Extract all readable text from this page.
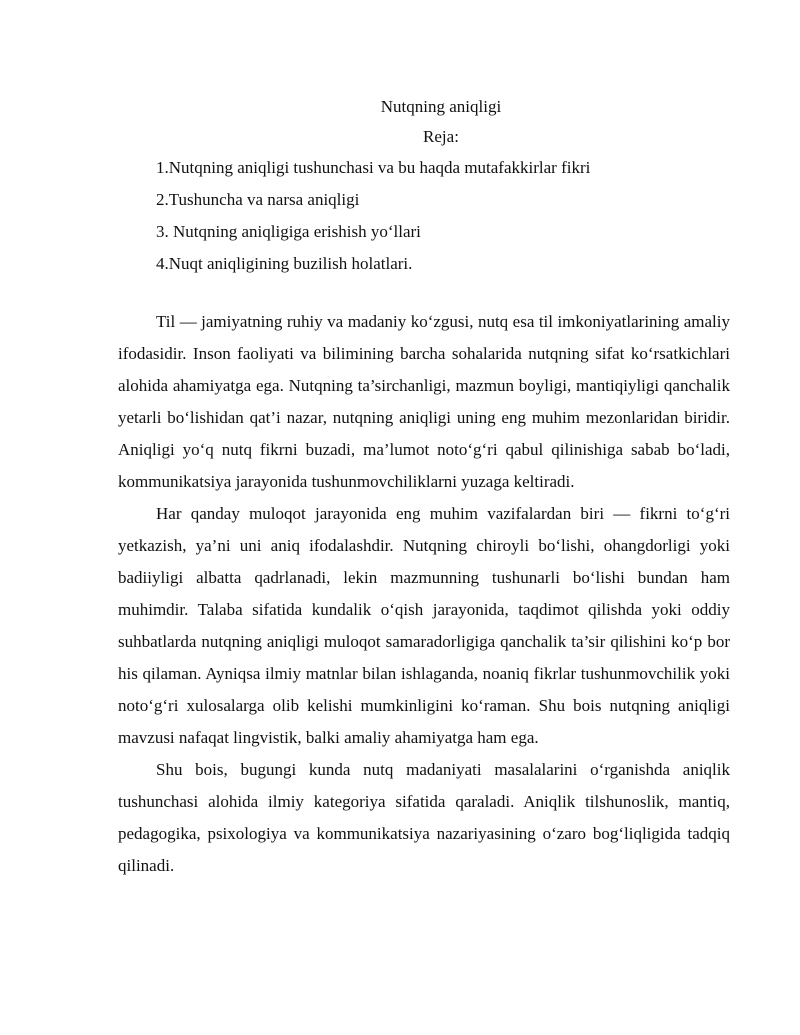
Nutqning aniqligi
Reja:
1.Nutqning aniqligi tushunchasi va bu haqda mutafakkirlar fikri
2.Tushuncha va narsa aniqligi
3. Nutqning aniqligiga erishish yo‘llari
4.Nuqt aniqligining buzilish holatlari.

Til — jamiyatning ruhiy va madaniy ko‘zgusi, nutq esa til imkoniyatlarining amaliy ifodasidir. Inson faoliyati va bilimining barcha sohalarida nutqning sifat ko‘rsatkichlari alohida ahamiyatga ega. Nutqning ta’sirchanligi, mazmun boyligi, mantiqiyligi qanchalik yetarli bo‘lishidan qat’i nazar, nutqning aniqligi uning eng muhim mezonlaridan biridir. Aniqligi yo‘q nutq fikrni buzadi, ma’lumot noto‘g‘ri qabul qilinishiga sabab bo‘ladi, kommunikatsiya jarayonida tushunmovchiliklarni yuzaga keltiradi.

Har qanday muloqot jarayonida eng muhim vazifalardan biri — fikrni to‘g‘ri yetkazish, ya’ni uni aniq ifodalashdir. Nutqning chiroyli bo‘lishi, ohangdorligi yoki badiiyligi albatta qadrlanadi, lekin mazmunning tushunarli bo‘lishi bundan ham muhimdir. Talaba sifatida kundalik o‘qish jarayonida, taqdimot qilishda yoki oddiy suhbatlarda nutqning aniqligi muloqot samaradorligiga qanchalik ta’sir qilishini ko‘p bor his qilaman. Ayniqsa ilmiy matnlar bilan ishlaganda, noaniq fikrlar tushunmovchilik yoki noto‘g‘ri xulosalarga olib kelishi mumkinligini ko‘raman. Shu bois nutqning aniqligi mavzusi nafaqat lingvistik, balki amaliy ahamiyatga ham ega.

Shu bois, bugungi kunda nutq madaniyati masalalarini o‘rganishda aniqlik tushunchasi alohida ilmiy kategoriya sifatida qaraladi. Aniqlik tilshunoslik, mantiq, pedagogika, psixologiya va kommunikatsiya nazariyasining o‘zaro bog‘liqligida tadqiq qilinadi.
